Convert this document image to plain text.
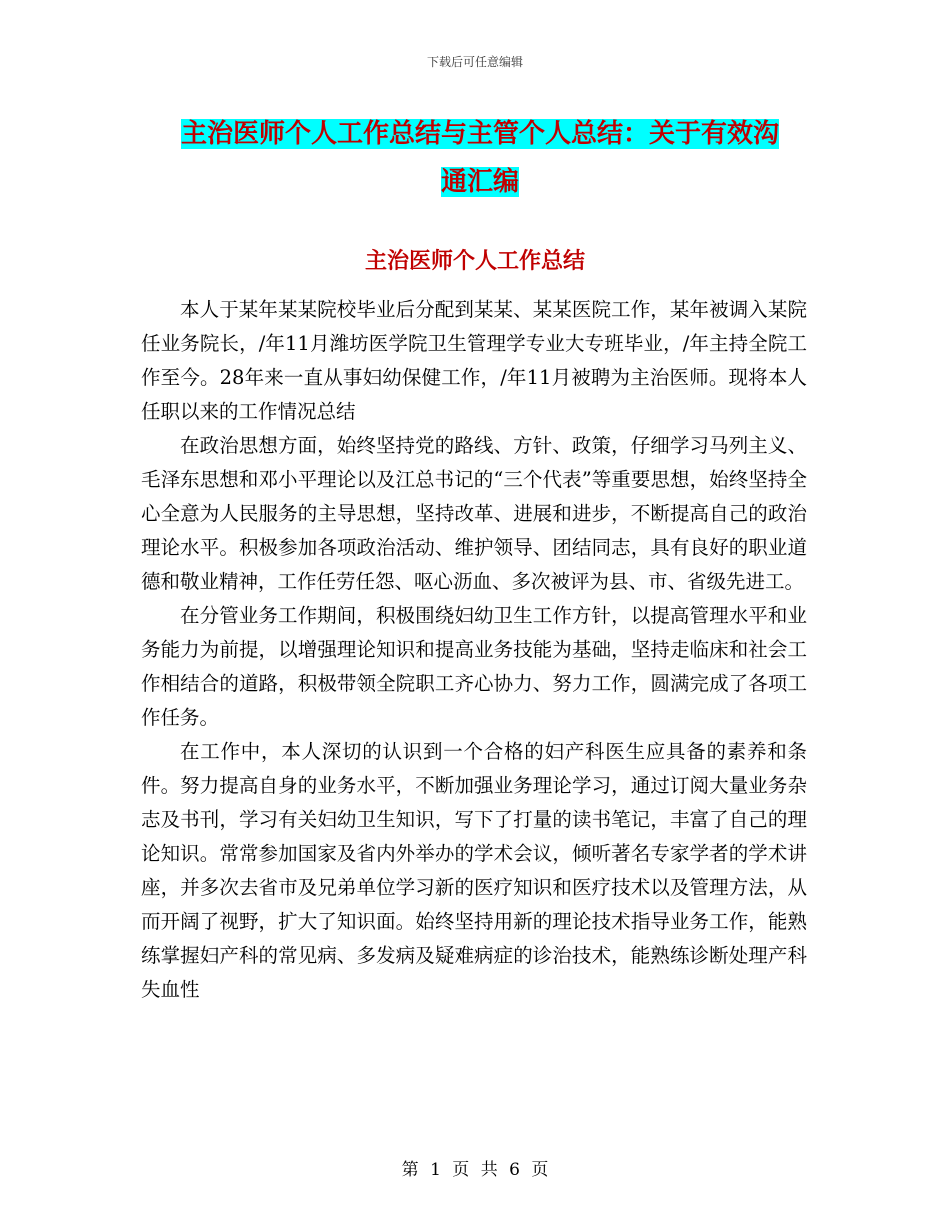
下载后可任意编辑
主治医师个人工作总结与主管个人总结：关于有效沟
通汇编
主治医师个人工作总结

本人于某年某某院校毕业后分配到某某、某某医院工作，某年被调入某院任业务院长，/年11月潍坊医学院卫生管理学专业大专班毕业，/年主持全院工作至今。28年来一直从事妇幼保健工作，/年11月被聘为主治医师。现将本人任职以来的工作情况总结

在政治思想方面，始终坚持党的路线、方针、政策，仔细学习马列主义、毛泽东思想和邓小平理论以及江总书记的“三个代表”等重要思想，始终坚持全心全意为人民服务的主导思想，坚持改革、进展和进步，不断提高自己的政治理论水平。积极参加各项政治活动、维护领导、团结同志，具有良好的职业道德和敬业精神，工作任劳任怨、呕心沥血、多次被评为县、市、省级先进工。

在分管业务工作期间，积极围绕妇幼卫生工作方针，以提高管理水平和业务能力为前提，以增强理论知识和提高业务技能为基础，坚持走临床和社会工作相结合的道路，积极带领全院职工齐心协力、努力工作，圆满完成了各项工作任务。

在工作中，本人深切的认识到一个合格的妇产科医生应具备的素养和条件。努力提高自身的业务水平，不断加强业务理论学习，通过订阅大量业务杂志及书刊，学习有关妇幼卫生知识，写下了打量的读书笔记，丰富了自己的理论知识。常常参加国家及省内外举办的学术会议，倾听著名专家学者的学术讲座，并多次去省市及兄弟单位学习新的医疗知识和医疗技术以及管理方法，从而开阔了视野，扩大了知识面。始终坚持用新的理论技术指导业务工作，能熟练掌握妇产科的常见病、多发病及疑难病症的诊治技术，能熟练诊断处理产科失血性

第 1 页 共 6 页
